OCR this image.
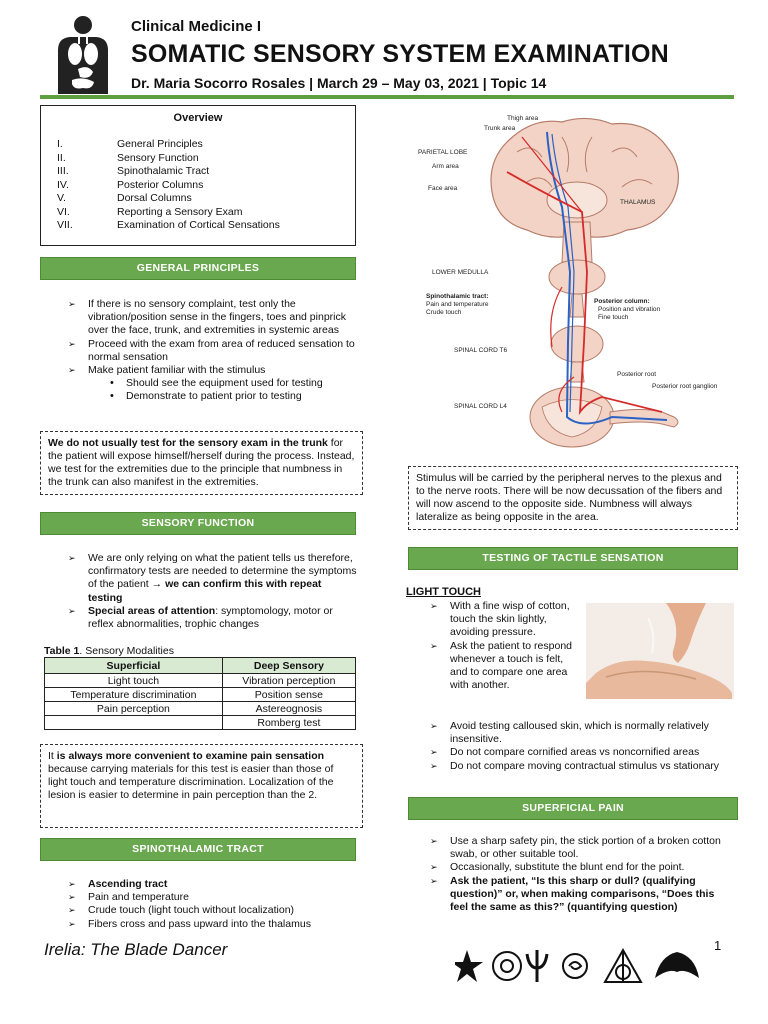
Clinical Medicine I
SOMATIC SENSORY SYSTEM EXAMINATION
Dr. Maria Socorro Rosales | March 29 – May 03, 2021 | Topic 14
Overview
I.	General Principles
II.	Sensory Function
III.	Spinothalamic Tract
IV.	Posterior Columns
V.	Dorsal Columns
VI.	Reporting a Sensory Exam
VII.	Examination of Cortical Sensations
GENERAL PRINCIPLES
➢ If there is no sensory complaint, test only the vibration/position sense in the fingers, toes and pinprick over the face, trunk, and extremities in systemic areas
➢ Proceed with the exam from area of reduced sensation to normal sensation
➢ Make patient familiar with the stimulus
• Should see the equipment used for testing
• Demonstrate to patient prior to testing
We do not usually test for the sensory exam in the trunk for the patient will expose himself/herself during the process. Instead, we test for the extremities due to the principle that numbness in the trunk can also manifest in the extremities.
SENSORY FUNCTION
➢ We are only relying on what the patient tells us therefore, confirmatory tests are needed to determine the symptoms of the patient → we can confirm this with repeat testing
➢ Special areas of attention: symptomology, motor or reflex abnormalities, trophic changes
Table 1. Sensory Modalities
Superficial	Deep Sensory
Light touch	Vibration perception
Temperature discrimination	Position sense
Pain perception	Astereognosis
	Romberg test
It is always more convenient to examine pain sensation because carrying materials for this test is easier than those of light touch and temperature discrimination. Localization of the lesion is easier to determine in pain perception than the 2.
SPINOTHALAMIC TRACT
➢ Ascending tract
➢ Pain and temperature
➢ Crude touch (light touch without localization)
➢ Fibers cross and pass upward into the thalamus
Thigh area
Trunk area
PARIETAL LOBE
Arm area
Face area
THALAMUS
LOWER MEDULLA
Spinothalamic tract:
Pain and temperature
Crude touch
Posterior column:
Position and vibration
Fine touch
SPINAL CORD T6
SPINAL CORD L4
Posterior root
Posterior root ganglion
Stimulus will be carried by the peripheral nerves to the plexus and to the nerve roots. There will be now decussation of the fibers and will now ascend to the opposite side. Numbness will always lateralize as being opposite in the area.
TESTING OF TACTILE SENSATION
LIGHT TOUCH
➢ With a fine wisp of cotton, touch the skin lightly, avoiding pressure.
➢ Ask the patient to respond whenever a touch is felt, and to compare one area with another.
➢ Avoid testing calloused skin, which is normally relatively insensitive.
➢ Do not compare cornified areas vs noncornified areas
➢ Do not compare moving contractual stimulus vs stationary
SUPERFICIAL PAIN
➢ Use a sharp safety pin, the stick portion of a broken cotton swab, or other suitable tool.
➢ Occasionally, substitute the blunt end for the point.
➢ Ask the patient, “Is this sharp or dull? (qualifying question)” or, when making comparisons, “Does this feel the same as this?” (quantifying question)
Irelia: The Blade Dancer	1
